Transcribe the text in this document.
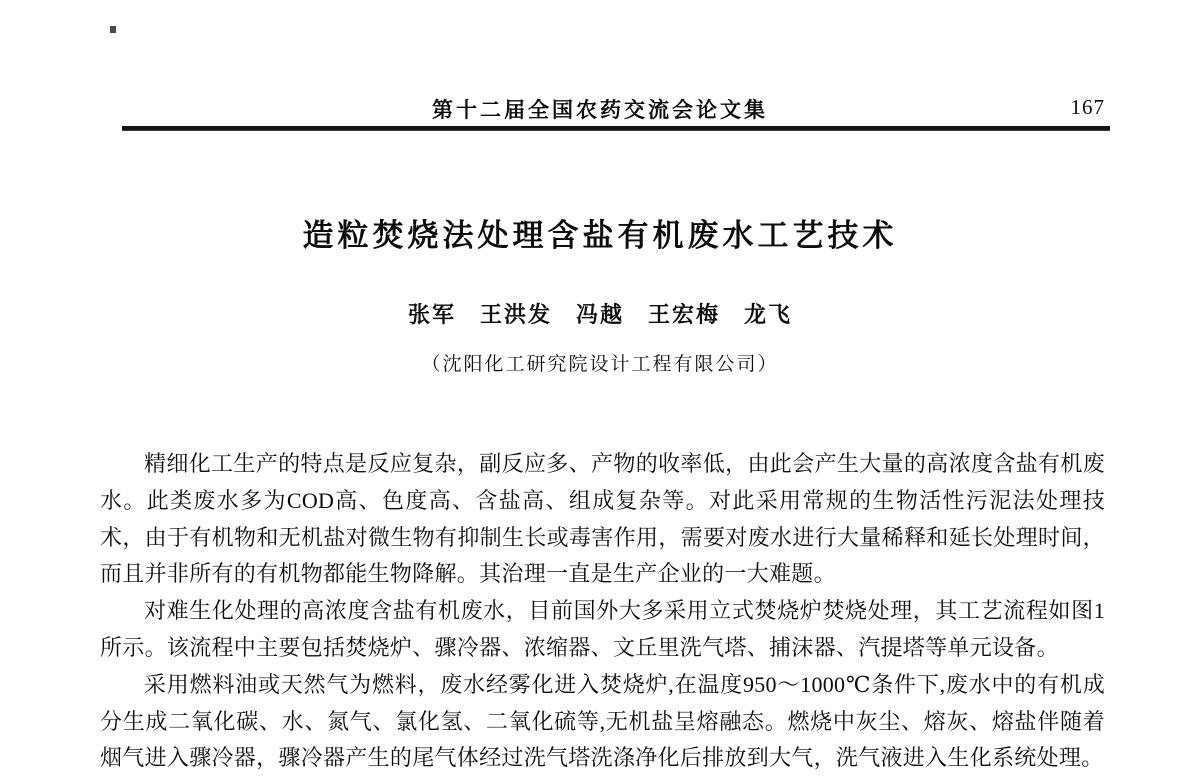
第十二届全国农药交流会论文集	167
造粒焚烧法处理含盐有机废水工艺技术
张军　王洪发　冯越　王宏梅　龙飞
（沈阳化工研究院设计工程有限公司）

精细化工生产的特点是反应复杂，副反应多、产物的收率低，由此会产生大量的高浓度含盐有机废水。此类废水多为COD高、色度高、含盐高、组成复杂等。对此采用常规的生物活性污泥法处理技术，由于有机物和无机盐对微生物有抑制生长或毒害作用，需要对废水进行大量稀释和延长处理时间，而且并非所有的有机物都能生物降解。其治理一直是生产企业的一大难题。

对难生化处理的高浓度含盐有机废水，目前国外大多采用立式焚烧炉焚烧处理，其工艺流程如图1所示。该流程中主要包括焚烧炉、骤冷器、浓缩器、文丘里洗气塔、捕沫器、汽提塔等单元设备。

采用燃料油或天然气为燃料，废水经雾化进入焚烧炉,在温度950～1000℃条件下,废水中的有机成分生成二氧化碳、水、氮气、氯化氢、二氧化硫等,无机盐呈熔融态。燃烧中灰尘、熔灰、熔盐伴随着烟气进入骤冷器，骤冷器产生的尾气体经过洗气塔洗涤净化后排放到大气，洗气液进入生化系统处理。
